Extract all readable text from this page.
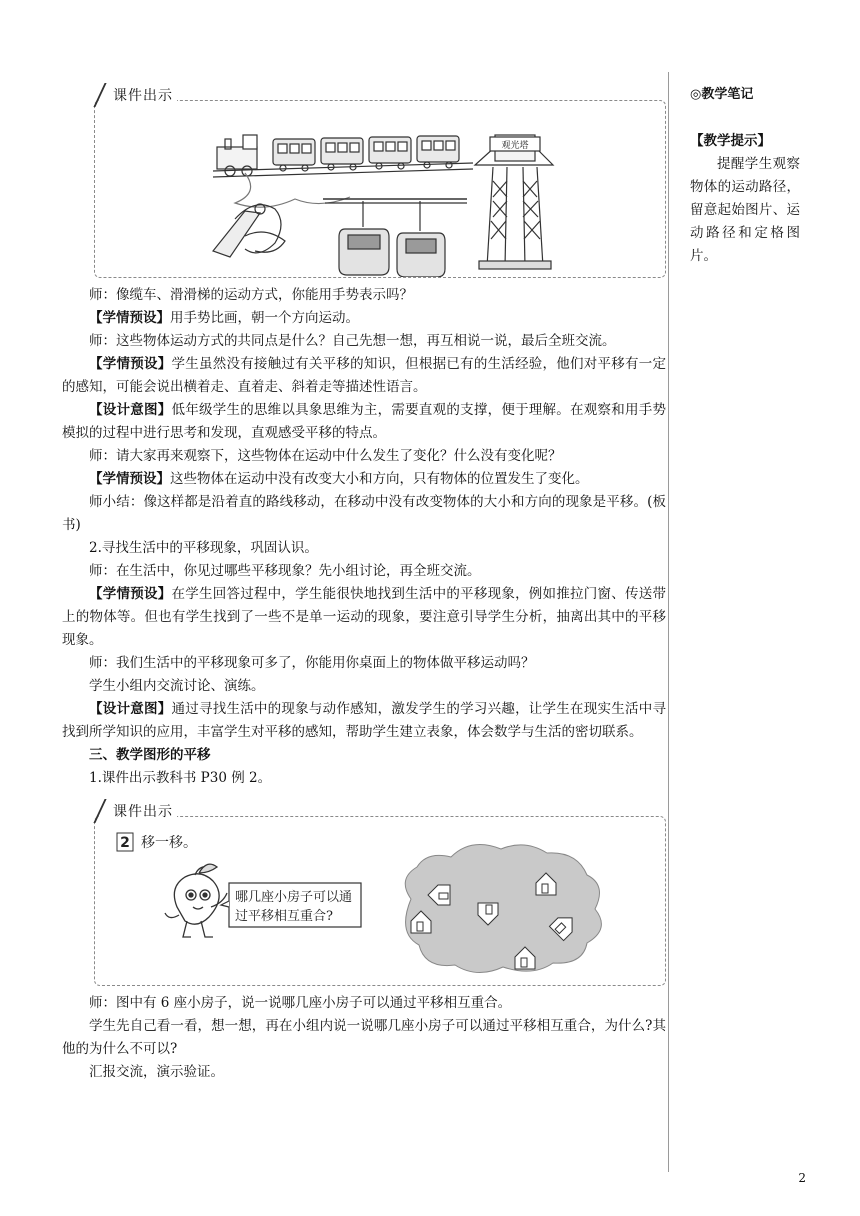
◎教学笔记

【教学提示】

提醒学生观察物体的运动路径，留意起始图片、运动路径和定格图片。

课件出示
观光塔

师：像缆车、滑滑梯的运动方式，你能用手势表示吗？

【学情预设】用手势比画，朝一个方向运动。

师：这些物体运动方式的共同点是什么？自己先想一想，再互相说一说，最后全班交流。

【学情预设】学生虽然没有接触过有关平移的知识，但根据已有的生活经验，他们对平移有一定的感知，可能会说出横着走、直着走、斜着走等描述性语言。

【设计意图】低年级学生的思维以具象思维为主，需要直观的支撑，便于理解。在观察和用手势模拟的过程中进行思考和发现，直观感受平移的特点。

师：请大家再来观察下，这些物体在运动中什么发生了变化？什么没有变化呢？

【学情预设】这些物体在运动中没有改变大小和方向，只有物体的位置发生了变化。

师小结：像这样都是沿着直的路线移动，在移动中没有改变物体的大小和方向的现象是平移。(板书)

2.寻找生活中的平移现象，巩固认识。

师：在生活中，你见过哪些平移现象？先小组讨论，再全班交流。

【学情预设】在学生回答过程中，学生能很快地找到生活中的平移现象，例如推拉门窗、传送带上的物体等。但也有学生找到了一些不是单一运动的现象，要注意引导学生分析，抽离出其中的平移现象。

师：我们生活中的平移现象可多了，你能用你桌面上的物体做平移运动吗？

学生小组内交流讨论、演练。

【设计意图】通过寻找生活中的现象与动作感知，激发学生的学习兴趣，让学生在现实生活中寻找到所学知识的应用，丰富学生对平移的感知，帮助学生建立表象，体会数学与生活的密切联系。

三、教学图形的平移

1.课件出示教科书 P30 例 2。

课件出示
2 移一移。
哪几座小房子可以通
过平移相互重合?

师：图中有 6 座小房子，说一说哪几座小房子可以通过平移相互重合。

学生先自己看一看，想一想，再在小组内说一说哪几座小房子可以通过平移相互重合，为什么?其他的为什么不可以?

汇报交流，演示验证。

2
